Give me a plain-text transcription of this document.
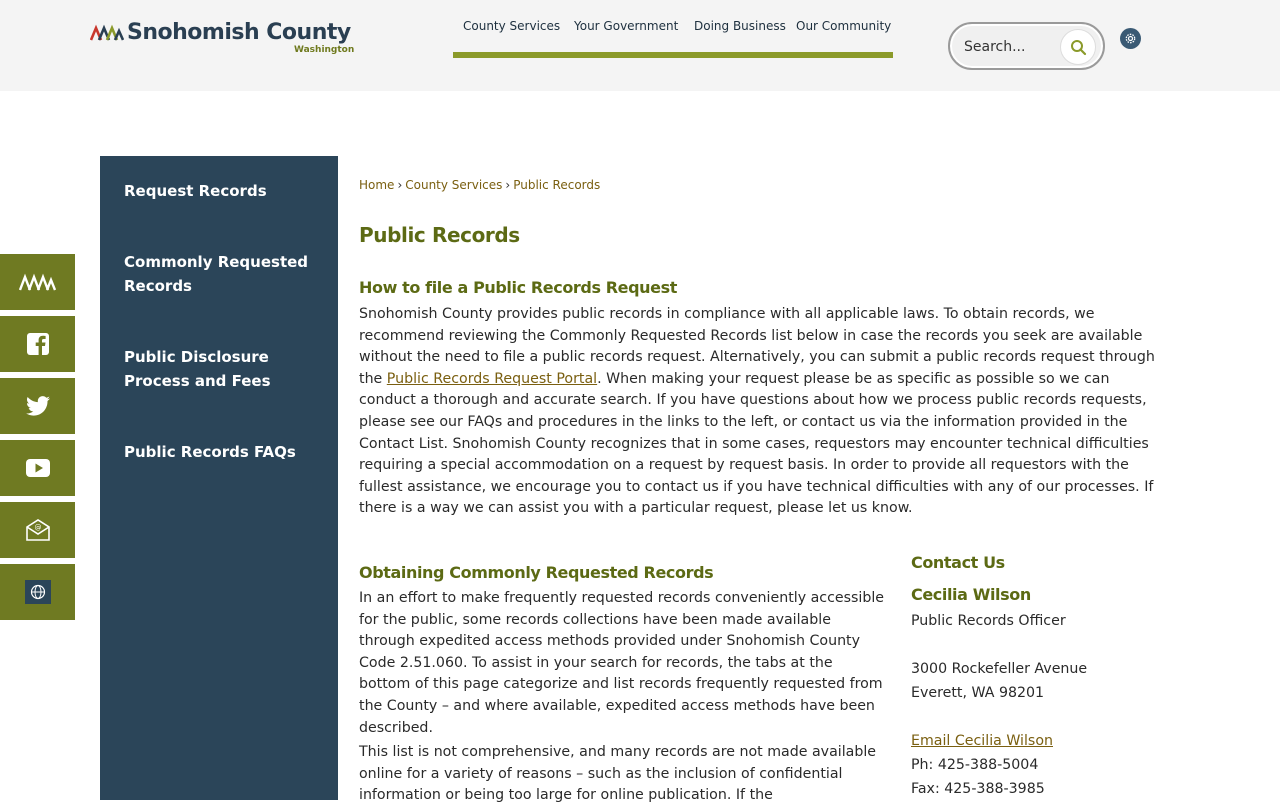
Snohomish County
Washington
County Services Your Government Doing Business Our Community
Search...
@
Request Records
Commonly Requested Records
Public Disclosure Process and Fees
Public Records FAQs
Home › County Services › Public Records
Public Records
How to file a Public Records Request

Snohomish County provides public records in compliance with all applicable laws. To obtain records, we recommend reviewing the Commonly Requested Records list below in case the records you seek are available without the need to file a public records request. Alternatively, you can submit a public records request through the Public Records Request Portal. When making your request please be as specific as possible so we can conduct a thorough and accurate search. If you have questions about how we process public records requests, please see our FAQs and procedures in the links to the left, or contact us via the information provided in the Contact List. Snohomish County recognizes that in some cases, requestors may encounter technical difficulties requiring a special accommodation on a request by request basis. In order to provide all requestors with the fullest assistance, we encourage you to contact us if you have technical difficulties with any of our processes. If there is a way we can assist you with a particular request, please let us know.

Obtaining Commonly Requested Records

In an effort to make frequently requested records conveniently accessible for the public, some records collections have been made available through expedited access methods provided under Snohomish County Code 2.51.060. To assist in your search for records, the tabs at the bottom of this page categorize and list records frequently requested from the County – and where available, expedited access methods have been described.

This list is not comprehensive, and many records are not made available online for a variety of reasons – such as the inclusion of confidential information or being too large for online publication. If the

Contact Us
Cecilia Wilson
Public Records Officer
3000 Rockefeller Avenue
Everett, WA 98201
Email Cecilia Wilson
Ph: 425-388-5004
Fax: 425-388-3985
